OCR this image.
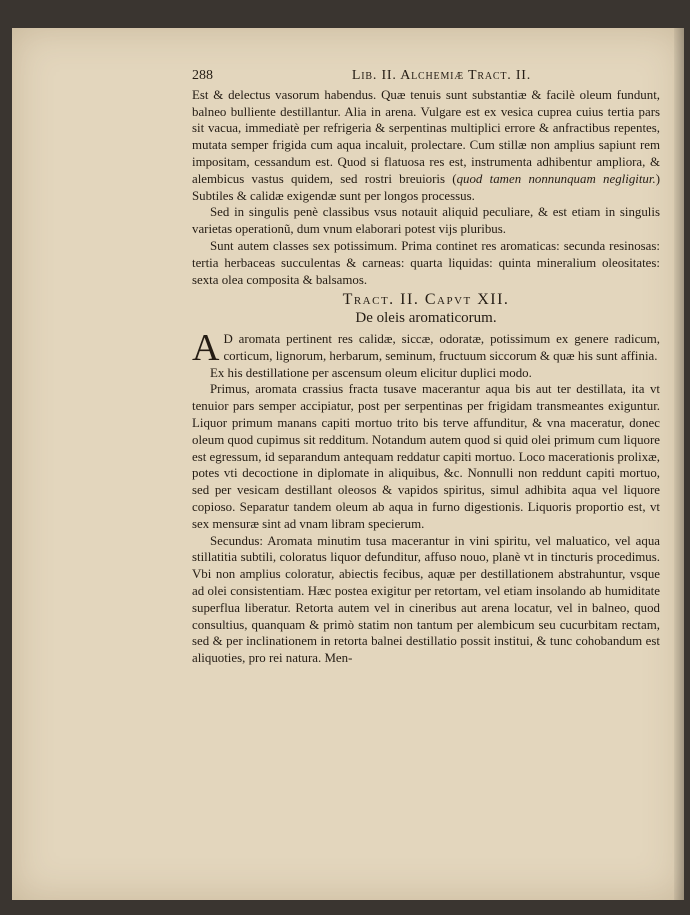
288	Lib. II. Alchemiæ Tract. II.

Est & delectus vasorum habendus. Quæ tenuis sunt substantiæ & facilè oleum fundunt, balneo bulliente destillantur. Alia in arena. Vulgare est ex vesica cuprea cuius tertia pars sit vacua, immediatè per refrigeria & serpentinas multiplici errore & anfractibus repentes, mutata semper frigida cum aqua incaluit, prolectare. Cum stillæ non amplius sapiunt rem impositam, cessandum est. Quod si flatuosa res est, instrumenta adhibentur ampliora, & alembicus vastus quidem, sed rostri breuioris (quod tamen nonnunquam negligitur.) Subtiles & calidæ exigendæ sunt per longos processus.

Sed in singulis penè classibus vsus notauit aliquid peculiare, & est etiam in singulis varietas operationũ, dum vnum elaborari potest vijs pluribus.

Sunt autem classes sex potissimum. Prima continet res aromaticas: secunda resinosas: tertia herbaceas succulentas & carneas: quarta liquidas: quinta mineralium oleositates: sexta olea composita & balsamos.

Tract. II. Capvt XII.
De oleis aromaticorum.

A D aromata pertinent res calidæ, siccæ, odoratæ, potissimum ex genere radicum, corticum, lignorum, herbarum, seminum, fructuum siccorum & quæ his sunt affinia.

Ex his destillatione per ascensum oleum elicitur duplici modo.

Primus, aromata crassius fracta tusave macerantur aqua bis aut ter destillata, ita vt tenuior pars semper accipiatur, post per serpentinas per frigidam transmeantes exiguntur. Liquor primum manans capiti mortuo trito bis terve affunditur, & vna maceratur, donec oleum quod cupimus sit redditum. Notandum autem quod si quid olei primum cum liquore est egressum, id separandum antequam reddatur capiti mortuo. Loco macerationis prolixæ, potes vti decoctione in diplomate in aliquibus, &c. Nonnulli non reddunt capiti mortuo, sed per vesicam destillant oleosos & vapidos spiritus, simul adhibita aqua vel liquore copioso. Separatur tandem oleum ab aqua in furno digestionis. Liquoris proportio est, vt sex mensuræ sint ad vnam libram specierum.

Secundus: Aromata minutim tusa macerantur in vini spiritu, vel maluatico, vel aqua stillatitia subtili, coloratus liquor defunditur, affuso nouo, planè vt in tincturis procedimus. Vbi non amplius coloratur, abiectis fecibus, aquæ per destillationem abstrahuntur, vsque ad olei consistentiam. Hæc postea exigitur per retortam, vel etiam insolando ab humiditate superflua liberatur. Retorta autem vel in cineribus aut arena locatur, vel in balneo, quod consultius, quanquam & primò statim non tantum per alembicum seu cucurbitam rectam, sed & per inclinationem in retorta balnei destillatio possit institui, & tunc cohobandum est aliquoties, pro rei natura. Men-
